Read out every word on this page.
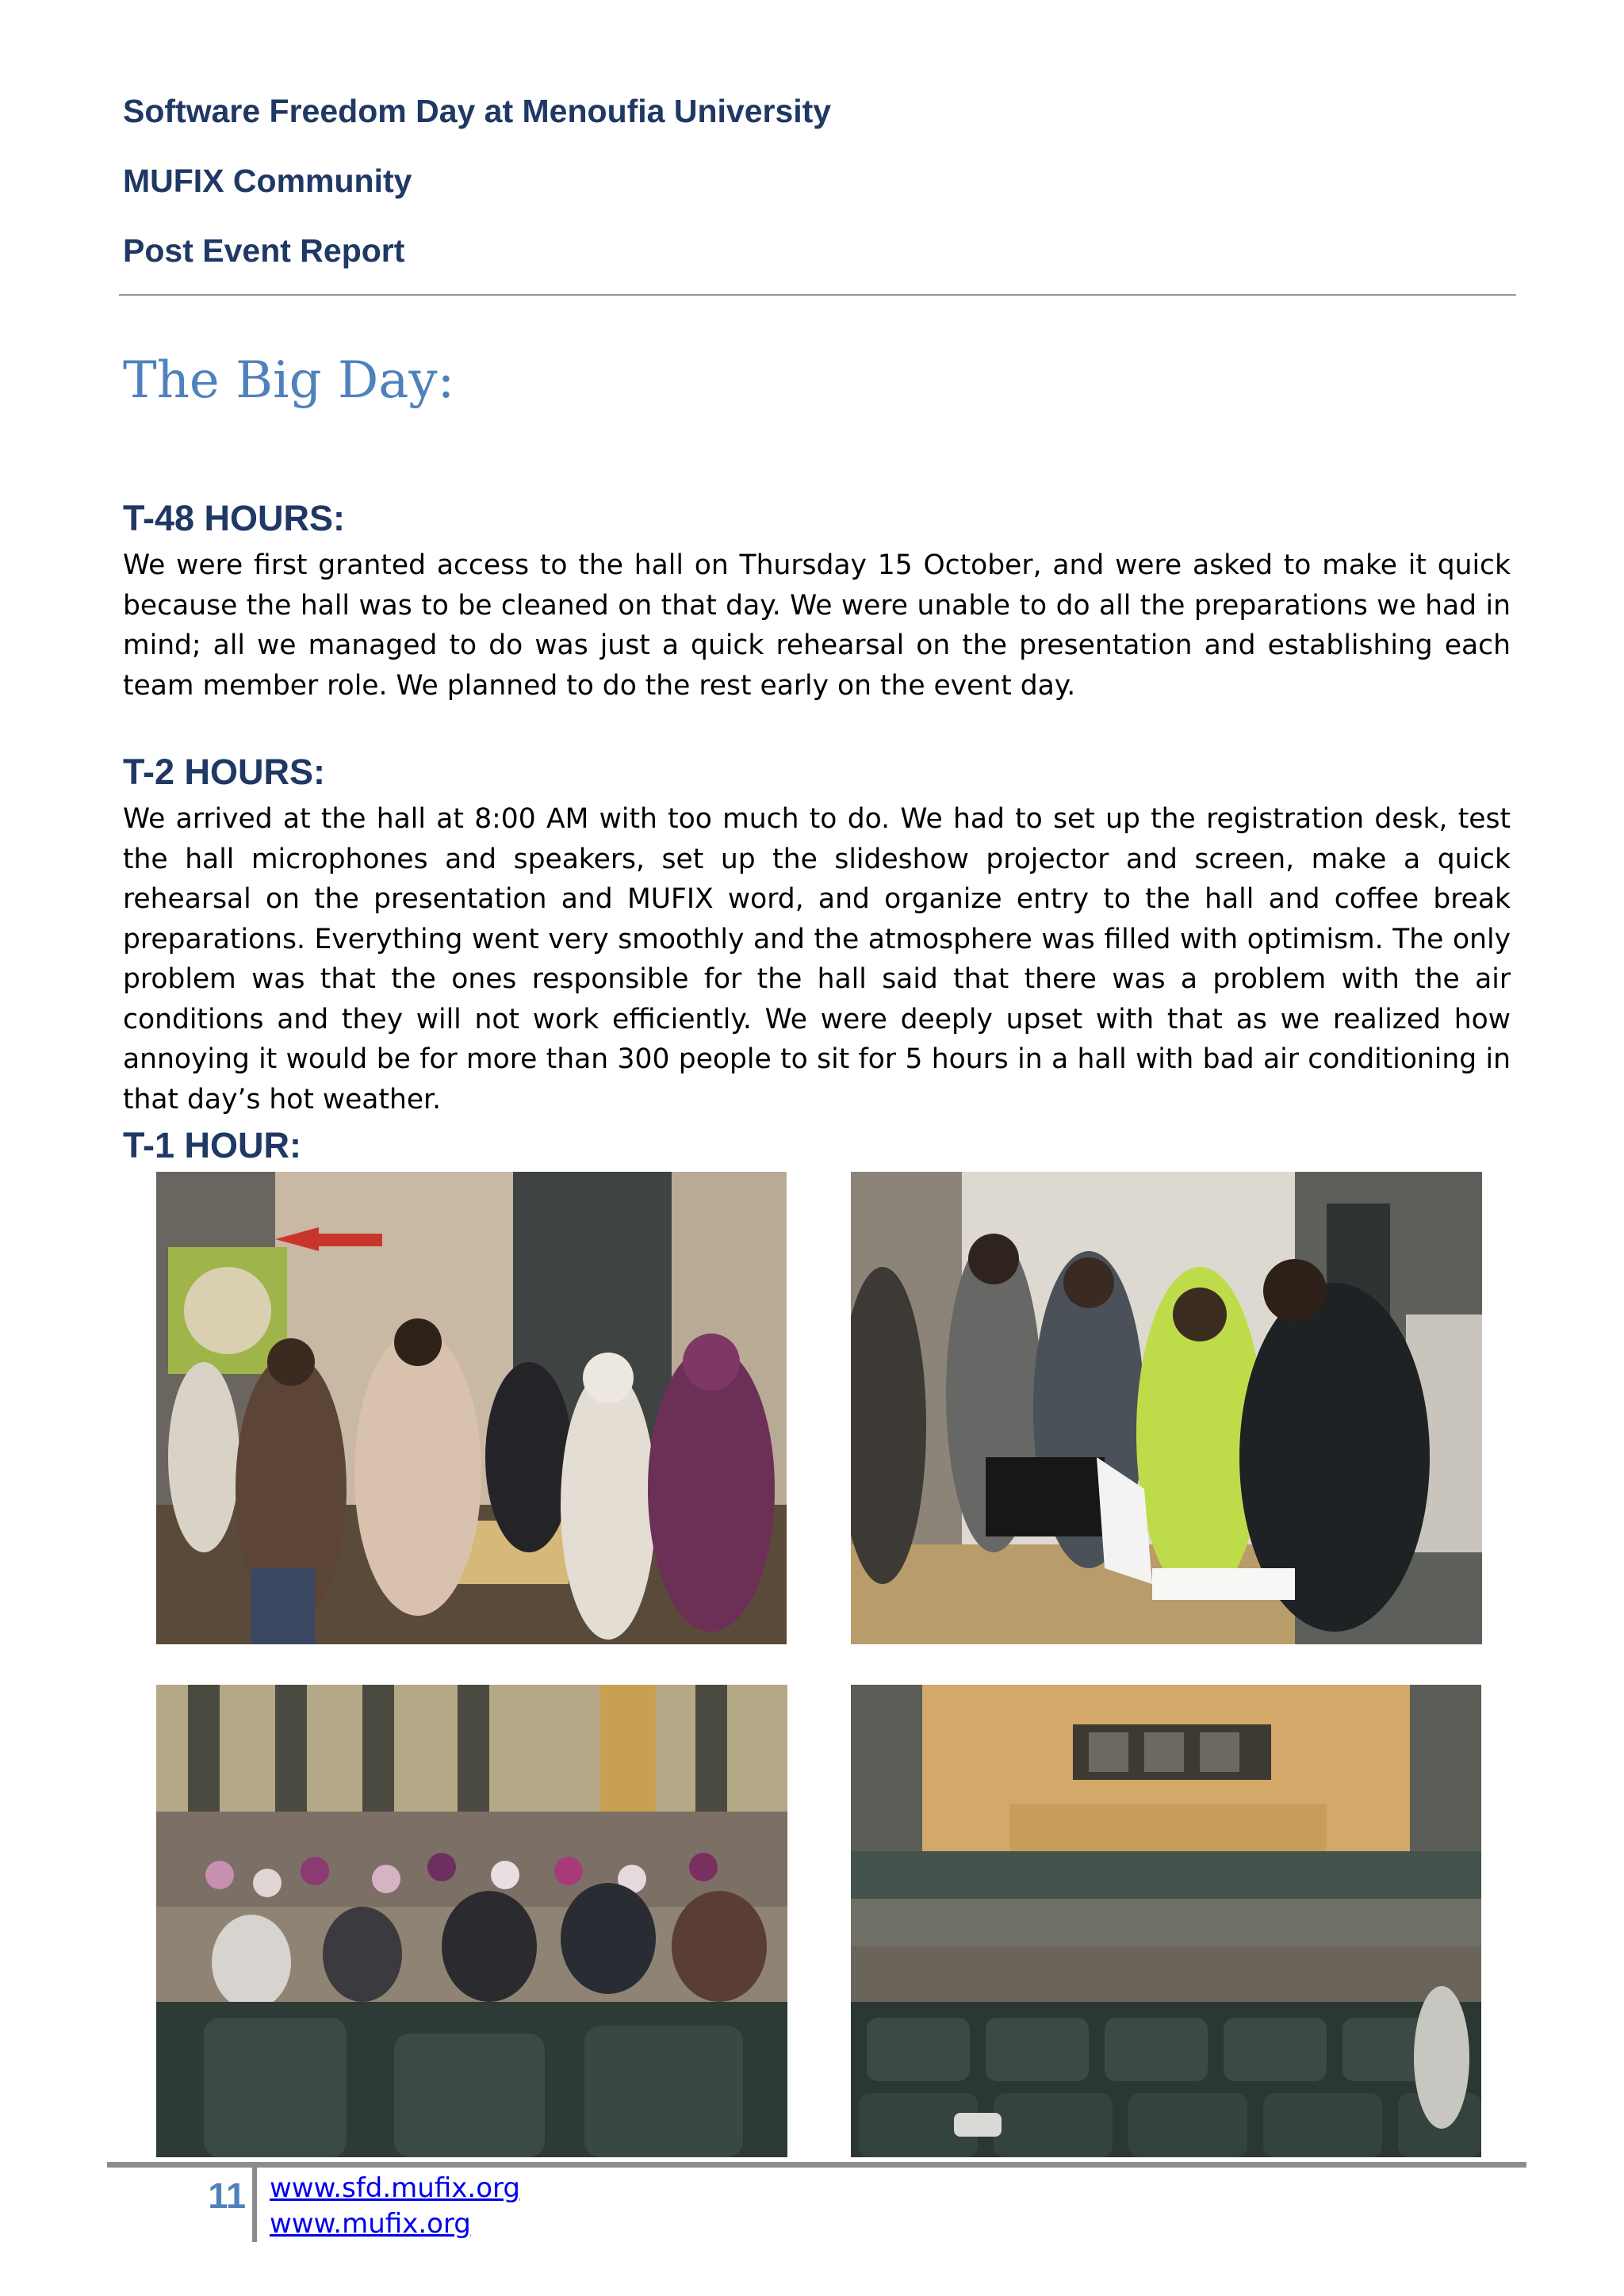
Software Freedom Day at Menoufia University

MUFIX Community

Post Event Report

The Big Day:
T-48 HOURS:

We were first granted access to the hall on Thursday 15 October, and were asked to make it quick because the hall was to be cleaned on that day. We were unable to do all the preparations we had in mind; all we managed to do was just a quick rehearsal on the presentation and establishing each team member role. We planned to do the rest early on the event day.

T-2 HOURS:

We arrived at the hall at 8:00 AM with too much to do. We had to set up the registration desk, test the hall microphones and speakers, set up the slideshow projector and screen, make a quick rehearsal on the presentation and MUFIX word, and organize entry to the hall and coffee break preparations. Everything went very smoothly and the atmosphere was filled with optimism. The only problem was that the ones responsible for the hall said that there was a problem with the air conditions and they will not work efficiently. We were deeply upset with that as we realized how annoying it would be for more than 300 people to sit for 5 hours in a hall with bad air conditioning in that day’s hot weather.

T-1 HOUR:
11 www.sfd.mufix.org
www.mufix.org
